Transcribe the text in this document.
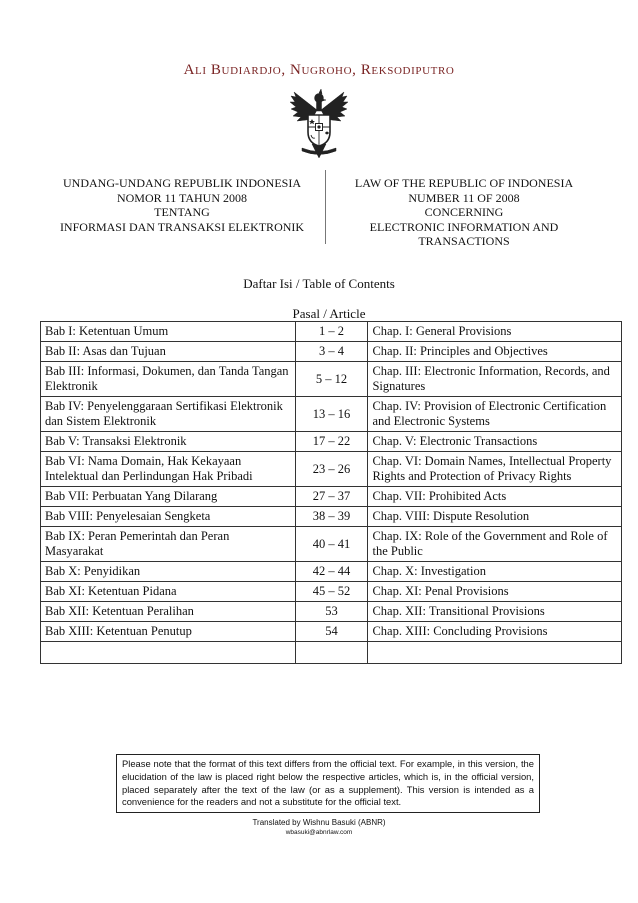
Ali Budiardjo, Nugroho, Reksodiputro
UNDANG-UNDANG REPUBLIK INDONESIA
NOMOR 11 TAHUN 2008
TENTANG
INFORMASI DAN TRANSAKSI ELEKTRONIK
LAW OF THE REPUBLIC OF INDONESIA
NUMBER 11 OF 2008
CONCERNING
ELECTRONIC INFORMATION AND
TRANSACTIONS
Daftar Isi / Table of Contents
Pasal / Article
Bab I: Ketentuan Umum	1 – 2	Chap. I: General Provisions
Bab II: Asas dan Tujuan	3 – 4	Chap. II: Principles and Objectives
Bab III: Informasi, Dokumen, dan Tanda Tangan Elektronik	5 – 12	Chap. III: Electronic Information, Records, and Signatures
Bab IV: Penyelenggaraan Sertifikasi Elektronik dan Sistem Elektronik	13 – 16	Chap. IV: Provision of Electronic Certification and Electronic Systems
Bab V: Transaksi Elektronik	17 – 22	Chap. V: Electronic Transactions
Bab VI: Nama Domain, Hak Kekayaan Intelektual dan Perlindungan Hak Pribadi	23 – 26	Chap. VI: Domain Names, Intellectual Property Rights and Protection of Privacy Rights
Bab VII: Perbuatan Yang Dilarang	27 – 37	Chap. VII: Prohibited Acts
Bab VIII: Penyelesaian Sengketa	38 – 39	Chap. VIII: Dispute Resolution
Bab IX: Peran Pemerintah dan Peran Masyarakat	40 – 41	Chap. IX: Role of the Government and Role of the Public
Bab X: Penyidikan	42 – 44	Chap. X: Investigation
Bab XI: Ketentuan Pidana	45 – 52	Chap. XI: Penal Provisions
Bab XII: Ketentuan Peralihan	53	Chap. XII: Transitional Provisions
Bab XIII: Ketentuan Penutup	54	Chap. XIII: Concluding Provisions

Please note that the format of this text differs from the official text. For example, in this version, the elucidation of the law is placed right below the respective articles, which is, in the official version, placed separately after the text of the law (or as a supplement). This version is intended as a convenience for the readers and not a substitute for the official text.
Translated by Wishnu Basuki (ABNR)
wbasuki@abnrlaw.com
